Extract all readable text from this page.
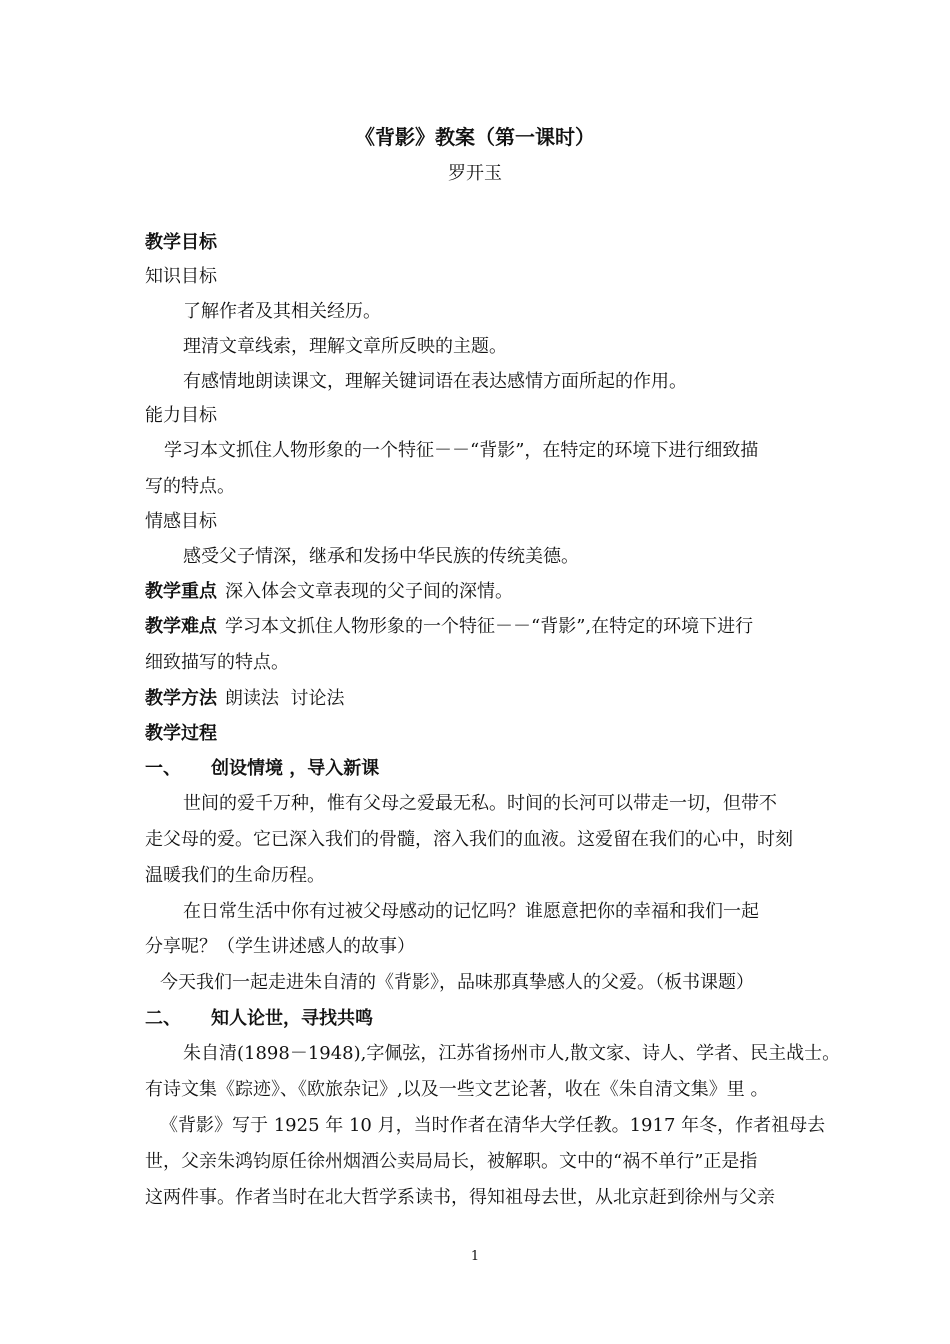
《背影》教案（第一课时）
罗开玉
教学目标
知识目标
了解作者及其相关经历。
理清文章线索，理解文章所反映的主题。
有感情地朗读课文，理解关键词语在表达感情方面所起的作用。
能力目标
学习本文抓住人物形象的一个特征－－“背影”，在特定的环境下进行细致描
写的特点。
情感目标
感受父子情深，继承和发扬中华民族的传统美德。
教学重点 深入体会文章表现的父子间的深情。
教学难点 学习本文抓住人物形象的一个特征－－“背影”,在特定的环境下进行
细致描写的特点。
教学方法 朗读法  讨论法
教学过程
一、 创设情境 ，导入新课
世间的爱千万种，惟有父母之爱最无私。时间的长河可以带走一切，但带不
走父母的爱。它已深入我们的骨髓，溶入我们的血液。这爱留在我们的心中，时刻
温暖我们的生命历程。
在日常生活中你有过被父母感动的记忆吗？谁愿意把你的幸福和我们一起
分享呢？（学生讲述感人的故事）
今天我们一起走进朱自清的《背影》，品味那真挚感人的父爱。（板书课题）
二、 知人论世，寻找共鸣
朱自清(1898－1948),字佩弦，江苏省扬州市人,散文家、诗人、学者、民主战士。
有诗文集《踪迹》、《欧旅杂记》,以及一些文艺论著，收在《朱自清文集》里 。
《背影》写于 1925 年 10 月，当时作者在清华大学任教。1917 年冬，作者祖母去
世，父亲朱鸿钧原任徐州烟酒公卖局局长，被解职。文中的“祸不单行”正是指
这两件事。作者当时在北大哲学系读书，得知祖母去世，从北京赶到徐州与父亲
1
